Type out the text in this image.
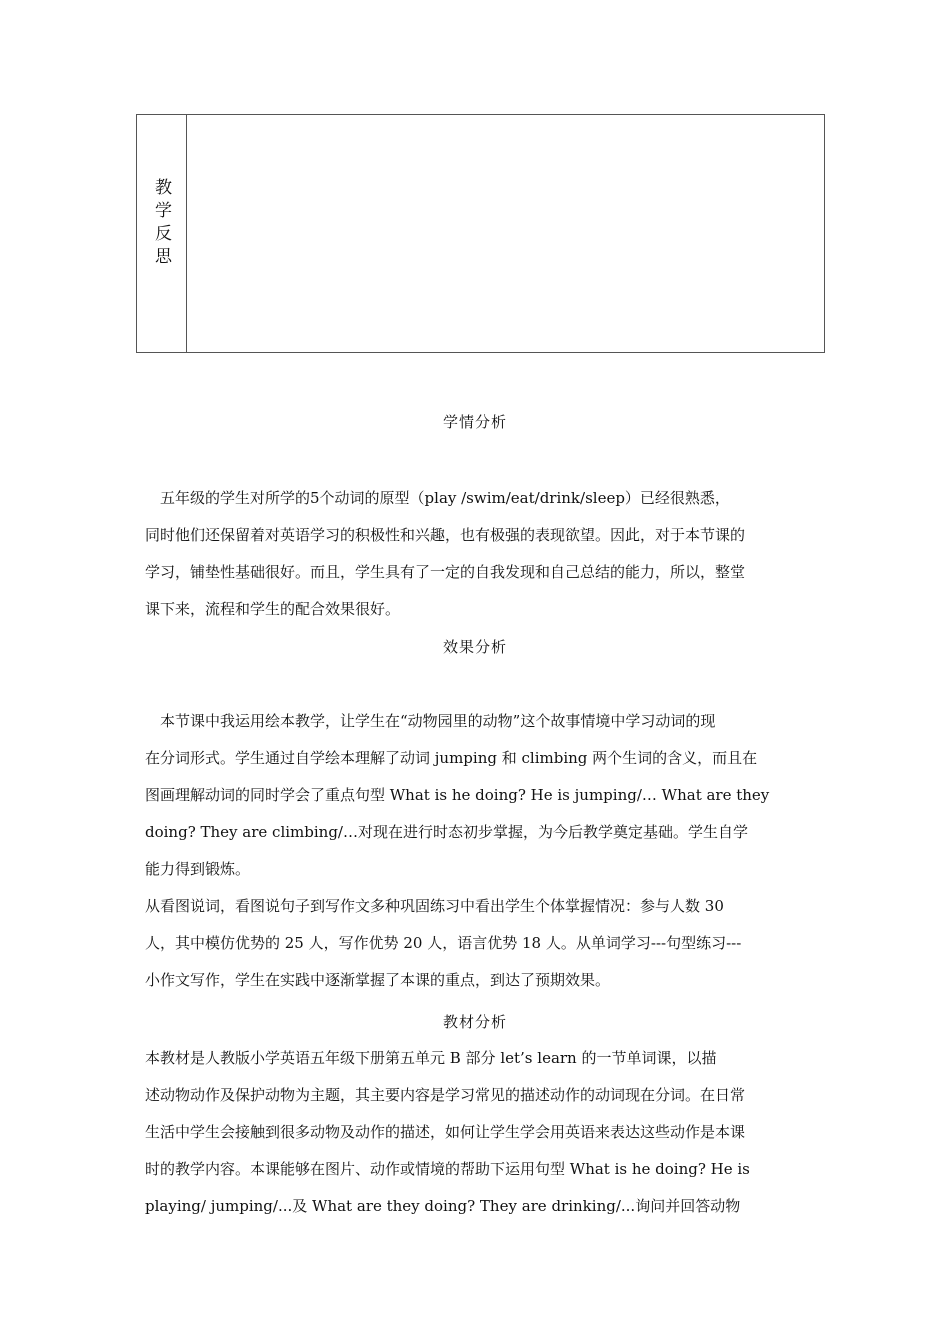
教学反思
学情分析
　五年级的学生对所学的5个动词的原型（play /swim/eat/drink/sleep）已经很熟悉，
同时他们还保留着对英语学习的积极性和兴趣，也有极强的表现欲望。因此，对于本节课的
学习，铺垫性基础很好。而且，学生具有了一定的自我发现和自己总结的能力，所以，整堂
课下来，流程和学生的配合效果很好。
效果分析
　本节课中我运用绘本教学，让学生在“动物园里的动物”这个故事情境中学习动词的现
在分词形式。学生通过自学绘本理解了动词 jumping 和 climbing 两个生词的含义，而且在
图画理解动词的同时学会了重点句型 What is he doing? He is jumping/… What are they
doing? They are climbing/…对现在进行时态初步掌握，为今后教学奠定基础。学生自学
能力得到锻炼。
从看图说词，看图说句子到写作文多种巩固练习中看出学生个体掌握情况：参与人数 30
人，其中模仿优势的 25 人，写作优势 20 人，语言优势 18 人。从单词学习---句型练习---
小作文写作，学生在实践中逐渐掌握了本课的重点，到达了预期效果。
教材分析
本教材是人教版小学英语五年级下册第五单元 B 部分 let’s learn 的一节单词课，以描
述动物动作及保护动物为主题，其主要内容是学习常见的描述动作的动词现在分词。在日常
生活中学生会接触到很多动物及动作的描述，如何让学生学会用英语来表达这些动作是本课
时的教学内容。本课能够在图片、动作或情境的帮助下运用句型 What is he doing? He is
playing/ jumping/...及 What are they doing? They are drinking/...询问并回答动物
